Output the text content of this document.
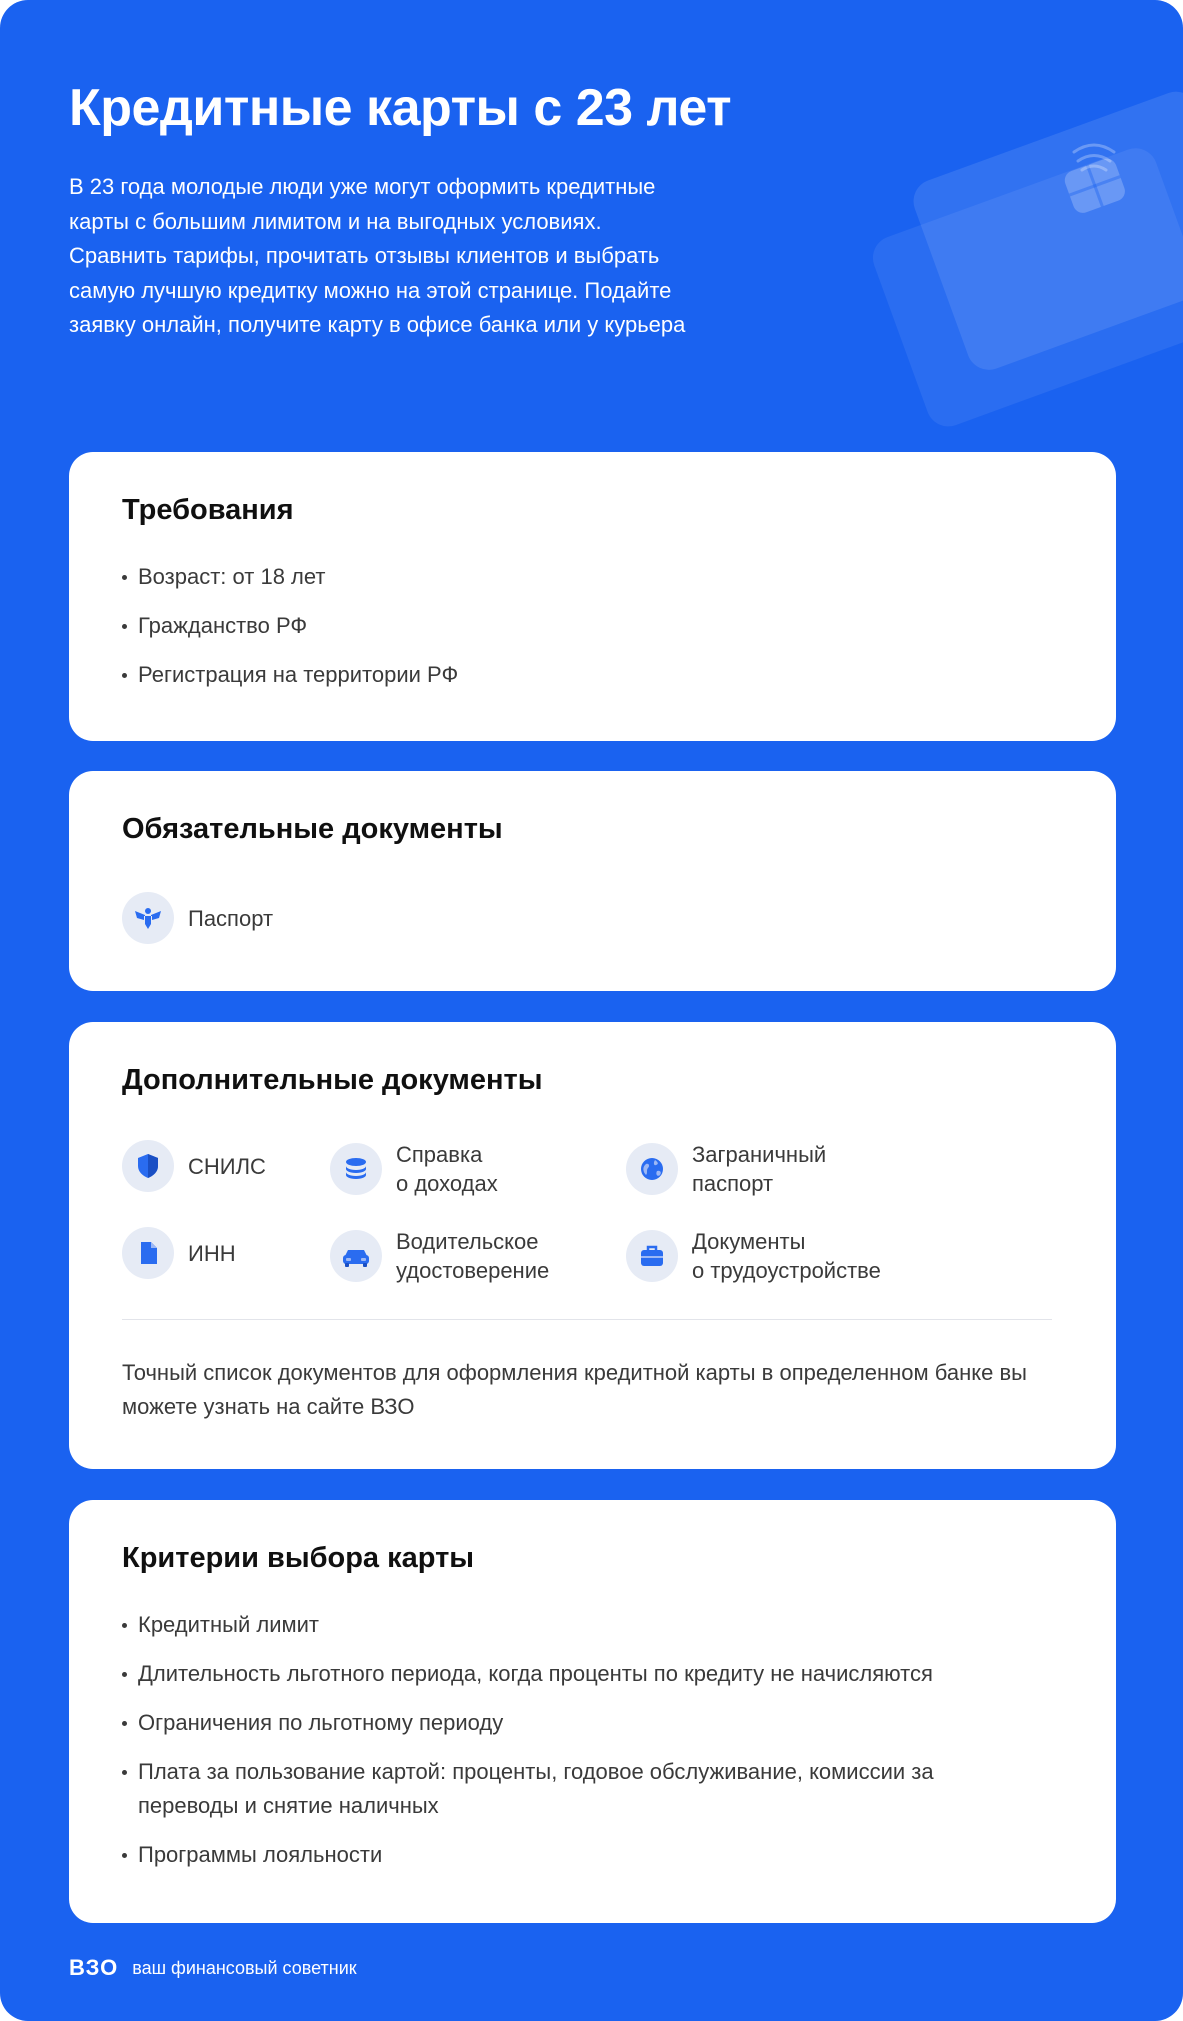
Кредитные карты с 23 лет

В 23 года молодые люди уже могут оформить кредитные карты с большим лимитом и на выгодных условиях. Сравнить тарифы, прочитать отзывы клиентов и выбрать самую лучшую кредитку можно на этой странице. Подайте заявку онлайн, получите карту в офисе банка или у курьера

Требования
Возраст: от 18 лет
Гражданство РФ
Регистрация на территории РФ
Обязательные документы
Паспорт
Дополнительные документы
СНИЛС	Справка
о доходах
Заграничный
паспорт
ИНН	Водительское
удостоверение
Документы
о трудоустройстве

Точный список документов для оформления кредитной карты в определенном банке вы можете узнать на сайте ВЗО

Критерии выбора карты
Кредитный лимит
Длительность льготного периода, когда проценты по кредиту не начисляются
Ограничения по льготному периоду
Плата за пользование картой: проценты, годовое обслуживание, комиссии за переводы и снятие наличных
Программы лояльности
ВЗО ваш финансовый советник
